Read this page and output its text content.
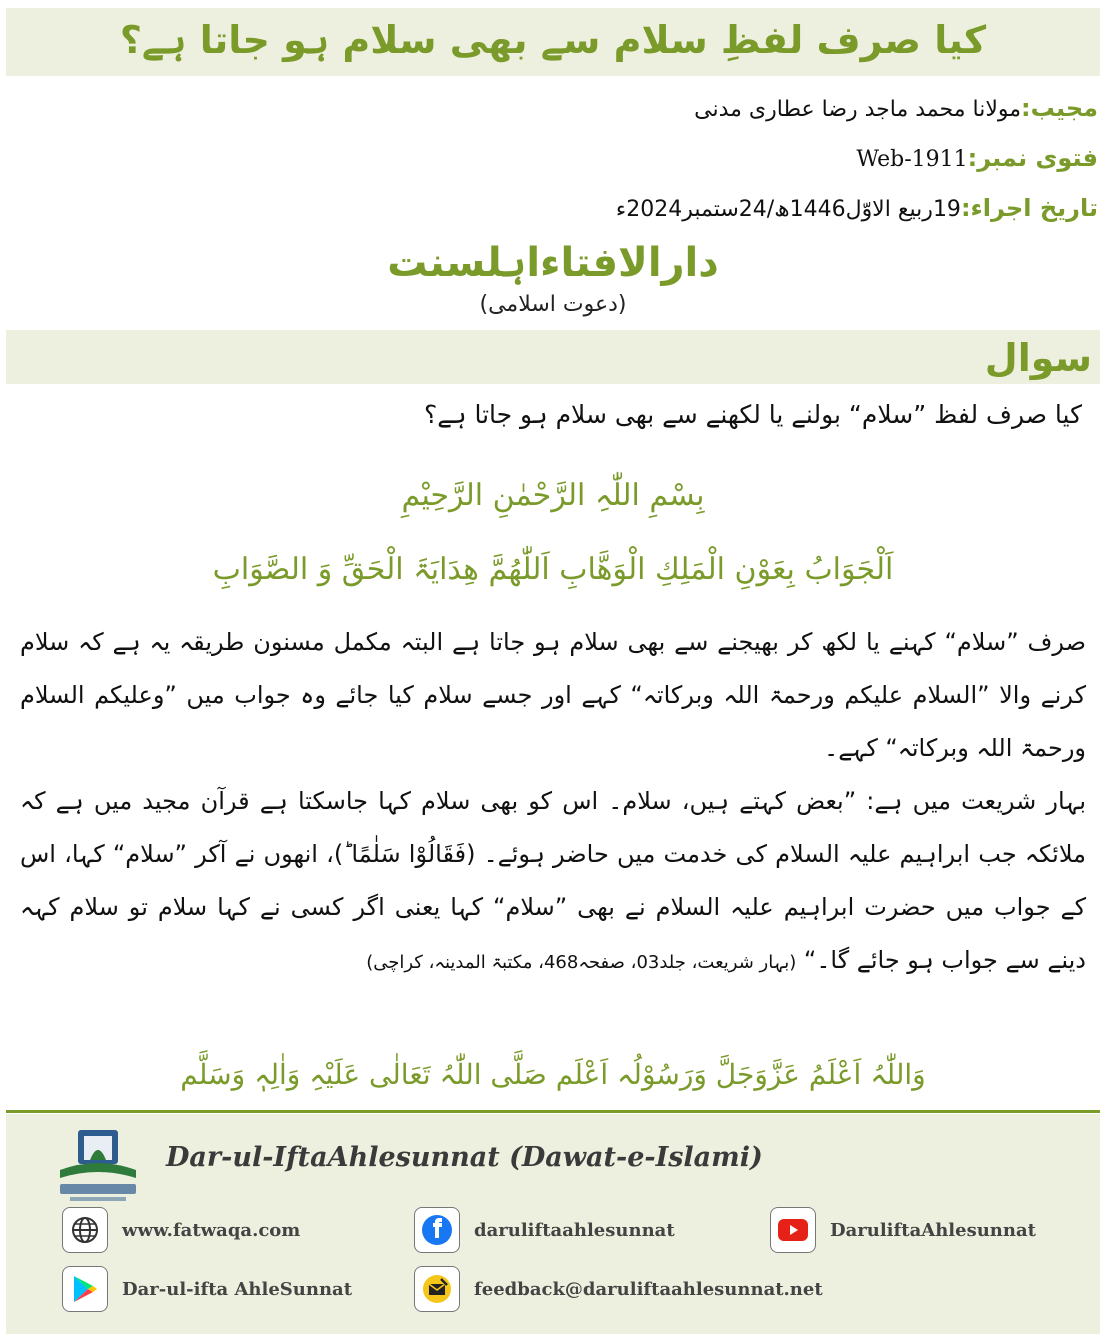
کیا صرف لفظِ سلام سے بھی سلام ہو جاتا ہے؟
مجیب:مولانا محمد ماجد رضا عطاری مدنی
فتوی نمبر:Web-1911
تاریخ اجراء:19ربیع الاوّل1446ھ/24ستمبر2024ء
دارالافتاءاہلسنت
(دعوت اسلامی)
سوال
کیا صرف لفظ ”سلام“ بولنے یا لکھنے سے بھی سلام ہو جاتا ہے؟
بِسْمِ اللّٰہِ الرَّحْمٰنِ الرَّحِیْمِ
اَلْجَوَابُ بِعَوْنِ الْمَلِكِ الْوَھَّابِ اَللّٰھُمَّ ھِدَایَۃَ الْحَقِّ وَ الصَّوَابِ

صرف ”سلام“ کہنے یا لکھ کر بھیجنے سے بھی سلام ہو جاتا ہے البتہ مکمل مسنون طریقہ یہ ہے کہ سلام کرنے والا ”السلام علیکم ورحمۃ اللہ وبرکاتہ“ کہے اور جسے سلام کیا جائے وہ جواب میں ”وعلیکم السلام ورحمۃ اللہ وبرکاتہ“ کہے۔

بہار شریعت میں ہے: ”بعض کہتے ہیں، سلام۔ اس کو بھی سلام کہا جاسکتا ہے قرآن مجید میں ہے کہ ملائکہ جب ابراہیم علیہ السلام کی خدمت میں حاضر ہوئے۔ (فَقَالُوْا سَلٰمًا ؕ)، انھوں نے آکر ”سلام“ کہا، اس کے جواب میں حضرت ابراہیم علیہ السلام نے بھی ”سلام“ کہا یعنی اگر کسی نے کہا سلام تو سلام کہہ دینے سے جواب ہو جائے گا۔“ (بہار شریعت، جلد03، صفحہ468، مکتبۃ المدینہ، کراچی)

وَاللّٰہُ اَعْلَمُ عَزَّوَجَلَّ وَرَسُوْلُہ اَعْلَم صَلَّی اللّٰہُ تَعَالٰی عَلَیْہِ وَاٰلِہٖ وَسَلَّم
Dar-ul-IftaAhlesunnat (Dawat-e-Islami)
www.fatwaqa.com	daruliftaahlesunnat	DaruliftaAhlesunnat
Dar-ul-ifta AhleSunnat	feedback@daruliftaahlesunnat.net
